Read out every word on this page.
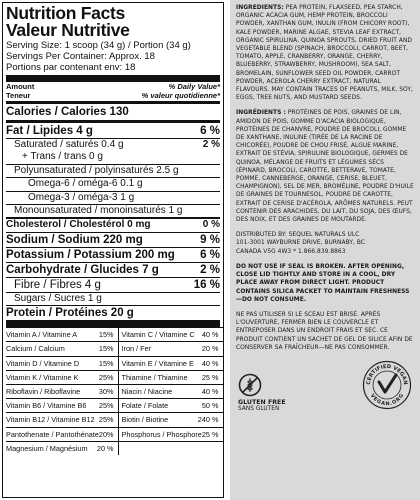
Nutrition Facts
Valeur Nutritive
Serving Size: 1 scoop (34 g) / Portion (34 g)
Servings Per Container: Approx. 18
Portions par contenant env: 18
Amount
Teneur
% Daily Value*
% valeur quotidienne*
Calories / Calories 130
Fat / Lipides 4 g	6 %
Saturated / saturés 0.4 g	2 %
+ Trans / trans 0 g
Polyunsaturated / polyinsaturés 2.5 g
Omega-6 / oméga-6 0.1 g
Omega-3 / oméga-3 1 g
Monounsaturated / monoinsaturés 1 g
Cholesterol / Cholestérol 0 mg	0 %
Sodium / Sodium 220 mg	9 %
Potassium / Potassium 200 mg 6 %
Carbohydrate / Glucides 7 g	2 %
Fibre / Fibres 4 g	16 %
Sugars / Sucres 1 g
Protein / Protéines 20 g
Vitamin A / Vitamine A	15% Vitamin C / Vitamine C 40 %
Calcium / Calcium	15% Iron / Fer	20 %
Vitamin D / Vitamine D	15% Vitamin E / Vitamine E 40 %
Vitamin K / Vitamine K	25% Thiamine / Thiamine 25 %
Riboflavin / Riboflavine	30% Niacin / Niacine	40 %
Vitamin B6 / Vitamine B6 25% Folate / Folate	50 %
Vitamin B12 / Vitamine B12 25% Biotin / Biotine	240 %
Pantothenate / Pantothénate 20% Phosphorus / Phosphore 25 %
Magnesium / Magnésium 20 %

INGREDIENTS: PEA PROTEIN, FLAXSEED, PEA STARCH, ORGANIC ACACIA GUM, HEMP PROTEIN, BROCCOLI POWDER, XANTHAN GUM, INULIN (FROM CHICORY ROOT), KALE POWDER, MARINE ALGAE, STEVIA LEAF EXTRACT, ORGANIC SPIRULINA, QUINOA SPROUTS, DRIED FRUIT AND VEGETABLE BLEND (SPINACH, BROCCOLI, CARROT, BEET, TOMATO, APPLE, CRANBERRY, ORANGE, CHERRY, BLUEBERRY, STRAWBERRY, MUSHROOM), SEA SALT, BROMELAIN, SUNFLOWER SEED OIL POWDER, CARROT POWDER, ACEROLA CHERRY EXTRACT, NATURAL FLAVOURS. MAY CONTAIN TRACES OF PEANUTS, MILK, SOY, EGGS, TREE NUTS, AND MUSTARD SEEDS.

INGRÉDIENTS : PROTÉINES DE POIS, GRAINES DE LIN, AMIDON DE POIS, GOMME D'ACACIA BIOLOGIQUE, PROTÉINES DE CHANVRE, POUDRE DE BROCOLI, GOMME DE XANTHANE, INULINE (TIRÉE DE LA RACINE DE CHICORÉE), POUDRE DE CHOU FRISÉ, ALGUE MARINE, EXTRAIT DE STÉVIA, SPIRULINE BIOLOGIQUE, GERMES DE QUINOA, MÉLANGE DE FRUITS ET LÉGUMES SÉCS (ÉPINARD, BROCOLI, CAROTTE, BETTERAVE, TOMATE, POMME, CANNEBERGE, ORANGE, CERISE, BLEUET, CHAMPIGNON), SEL DE MER, BROMÉLINE, POUDRE D'HUILE DE GRAINES DE TOURNESOL, POUDRE DE CAROTTE, EXTRAIT DE CERISE D'ACÉROLA, ARÔMES NATURELS. PEUT CONTENIR DES ARACHIDES, DU LAIT, DU SOJA, DES ŒUFS, DES NOIX, ET DES GRAINES DE MOUTARDE.

DISTRIBUTED BY: SEQUEL NATURALS ULC
101-3001 WAYBURNE DRIVE, BURNABY, BC
CANADA V5G 4W3 * 1.866.839.8863

DO NOT USE IF SEAL IS BROKEN. AFTER OPENING, CLOSE LID TIGHTLY AND STORE IN A COOL, DRY PLACE AWAY FROM DIRECT LIGHT. PRODUCT CONTAINS SILICA PACKET TO MAINTAIN FRESHNESS—DO NOT CONSUME.

NE PAS UTILISER SI LE SCEAU EST BRISÉ. APRÈS L'OUVERTURE, FERMER BIEN LE COUVERCLE ET ENTREPOSER DANS UN ENDROIT FRAIS ET SEC. CE PRODUIT CONTIENT UN SACHET DE GEL DE SILICE AFIN DE CONSERVER SA FRAÎCHEUR—NE PAS CONSOMMER.

GLUTEN FREE
SANS GLUTEN
CERTIFIED VEGAN
VEGAN.ORG
